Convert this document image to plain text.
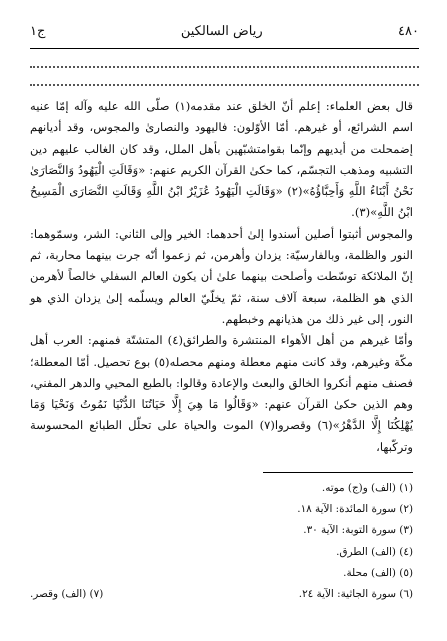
٤٨٠
رياض السالكين
ج١

قال بعض العلماء: إعلم أنّ الخلق عند مقدمه(١) صلّى الله عليه وآله إمّا عنيه اسم الشرائع، أو غيرهم. أمّا الأوّلون: فاليهود والنصارىٰ والمجوس، وقد أديانهم إضمحلت من أيديهم وإنّما بقوامتشبّهين بأهل الملل، وقد كان الغالب عليهم دين التشبيه ومذهب التجسّم، كما حكىٰ القرآن الكريم عنهم: «وَقَالَتِ الْيَهُودُ وَالنَّصَارَىٰ نَحْنُ أَبْنَاءُ اللَّهِ وَأَحِبَّاؤُهُ»(٢) «وَقَالَتِ الْيَهُودُ عُزَيْرٌ ابْنُ اللَّهِ وَقَالَتِ النَّصَارَى الْمَسِيحُ ابْنُ اللَّهِ»(٣).

والمجوس أثبتوا أصلين أسندوا إلىٰ أحدهما: الخير وإلى الثاني: الشر، وسمّوهما: النور والظلمة، وبالفارسيّة: يزدان وأهرمن، ثم زعموا أنّه جرت بينهما محاربة، ثم إنّ الملائكة توسّطت وأصلحت بينهما علىٰ أن يكون العالم السفلي خالصاً لأهرمن الذي هو الظلمة، سبعة آلاف سنة، ثمّ يخلّيّ العالم ويسلّمه إلىٰ يزدان الذي هو النور، إلى غير ذلك من هذيانهم وخبطهم.

وأمّا غيرهم من أهل الأهواء المنتشرة والطرائق(٤) المتشتّة فمنهم: العرب أهل مكّة وغيرهم، وقد كانت منهم معطلة ومنهم محصله(٥) بوع تحصيل. أمّا المعطلة؛ فصنف منهم أنكروا الخالق والبعث والإعادة وقالوا: بالطبع المحيي والدهر المفني، وهم الذين حكىٰ القرآن عنهم: «وَقَالُوا مَا هِيَ إِلَّا حَيَاتُنَا الدُّنْيَا نَمُوتُ وَنَحْيَا وَمَا يُهْلِكُنَا إِلَّا الدَّهْرُ»(٦) وقصروا(٧) الموت والحياة على تحلّل الطبائع المحسوسة وتركّبها،

(١) (الف) و(ج) موته.
(٢) سورة المائدة: الآية ١٨.
(٣) سورة التوبة: الآية ٣٠.
(٤) (الف) الطرق.
(٥) (الف) محلة.
(٦) سورة الجاثية: الآية ٢٤.
(٧) (الف) وقصر.
